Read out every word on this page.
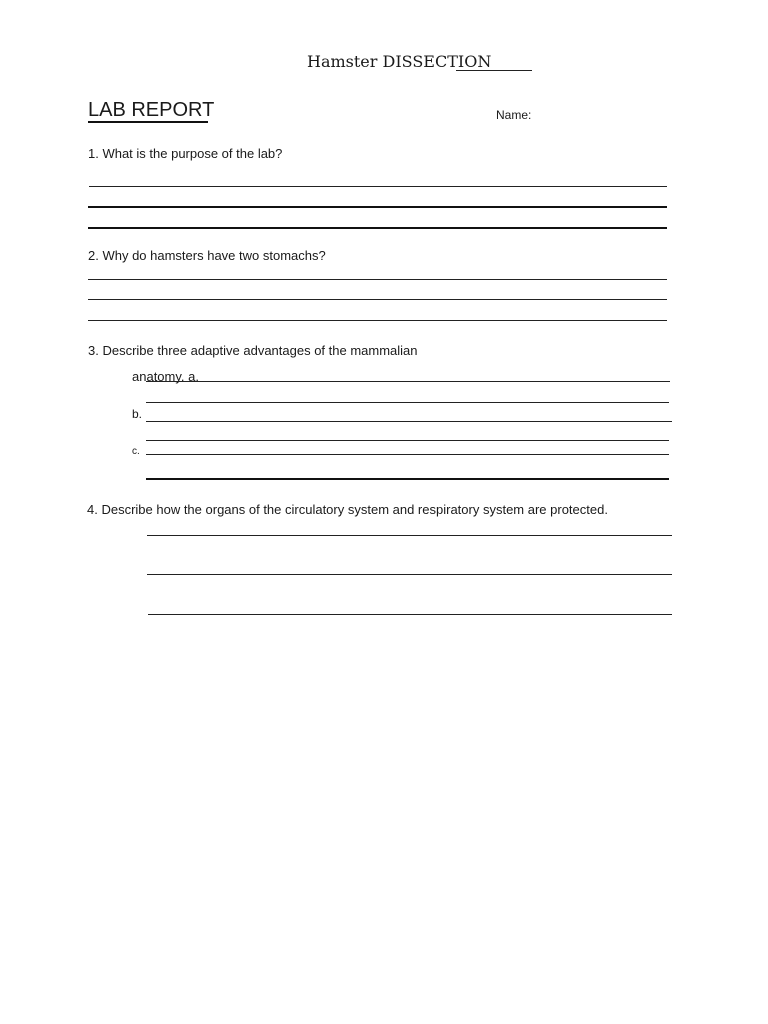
Hamster DISSECTION
LAB REPORT	Name:
1. What is the purpose of the lab?
2. Why do hamsters have two stomachs?
3. Describe three adaptive advantages of the mammalian
anatomy. a.
b.
c.
4. Describe how the organs of the circulatory system and respiratory system are protected.
